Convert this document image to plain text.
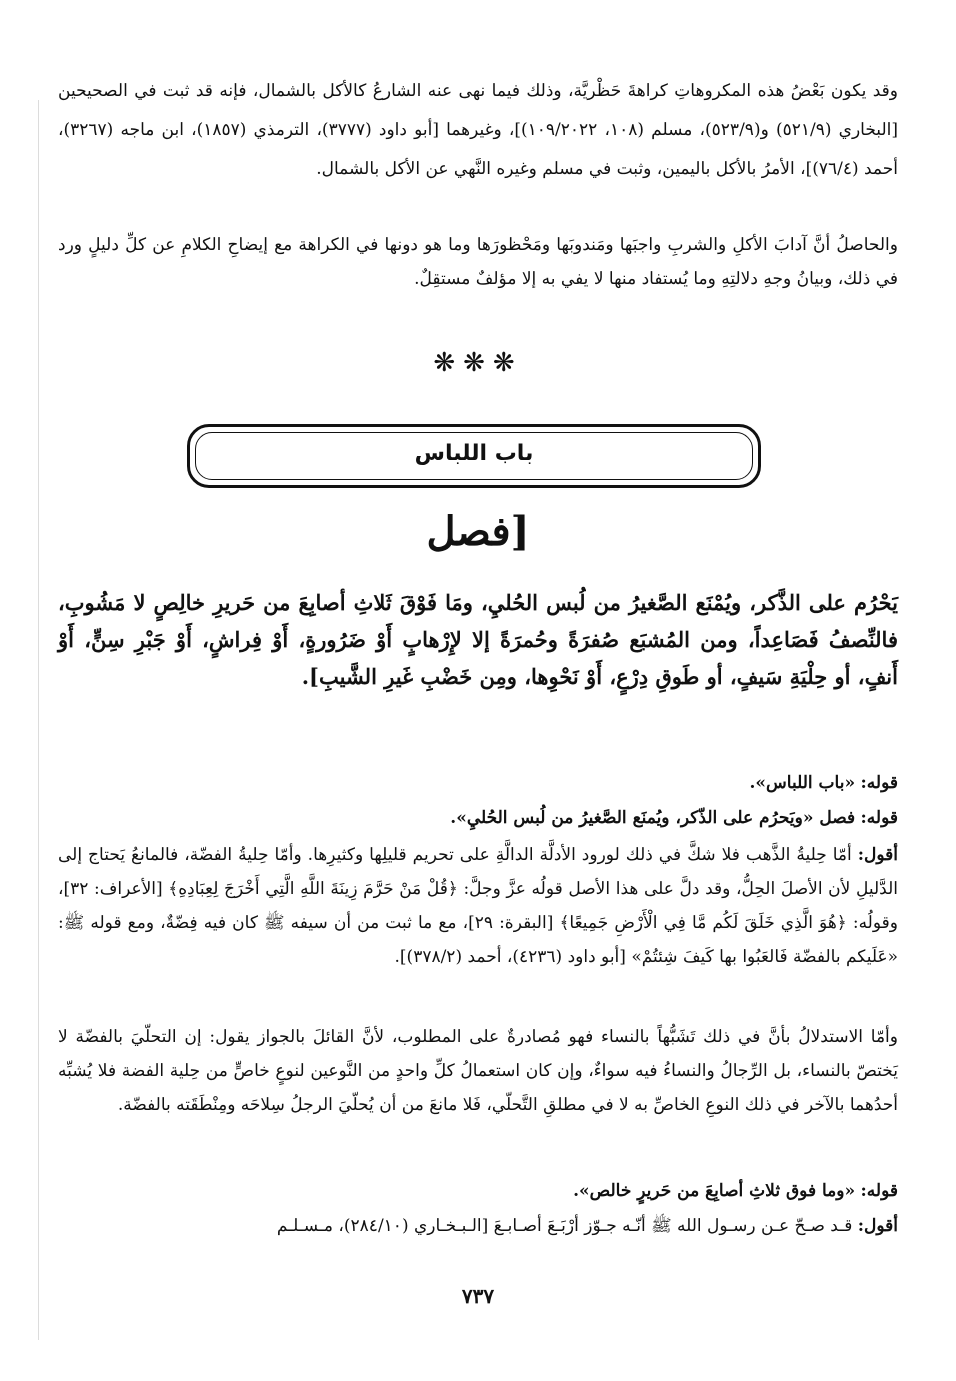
وقد يكون بَعْضُ هذه المكروهاتِ كراهةَ حَظْريَّة، وذلك فيما نهى عنه الشارعُ كالأكل بالشمال، فإنه قد ثبت في الصحيحين [البخاري (٥٢١/٩) و(٥٢٣/٩)، مسلم (١٠٨، ١٠٩/٢٠٢٢)]، وغيرهما [أبو داود (٣٧٧٧)، الترمذي (١٨٥٧)، ابن ماجه (٣٢٦٧)، أحمد (٧٦/٤)]، الأمرُ بالأكل باليمين، وثبت في مسلم وغيره النَّهي عن الأكل بالشمال.

والحاصلُ أنَّ آدابَ الأكلِ والشربِ واجبَها ومَندوبَها ومَحْظورَها وما هو دونها في الكراهة مع إيضاحِ الكلامِ عن كلِّ دليلٍ ورد في ذلك، وبيانُ وجهِ دلالتِهِ وما يُستفاد منها لا يفي به إلا مؤلفٌ مستقِلٌ.

❋❋❋
باب اللباس
[فصل

يَحْرُم على الذَّكر، ويُمْنَع الصَّغيرُ من لُبس الحُليِ، ومَا فَوْقَ ثَلاثِ أصابِعَ من حَريرِ خالِصٍ لا مَشُوبِ، فالنِّصفُ فَصَاعِداً، ومن المُشبَع صُفرَةً وحُمرَةً إلا لإِرْهابٍ أَوْ ضَرُورةٍ، أَوْ فِراشٍ، أَوْ جَبْرِ سِنٍّ، أَوْ أَنفٍ، أو حِلْيَةِ سَيفٍ، أو طَوقِ دِرْعٍ، أَوْ نَحْوِها، ومِن خَضْبِ غَيرِ الشَّيبِ].

قوله: «باب اللباس».

قوله: فصل «ويَحرُم على الذّكر، ويُمنَع الصَّغيرُ من لُبس الحُليِ».

أقول: أمّا حِليةُ الذَّهب فلا شكَّ في ذلك لورود الأدلَّة الدالَّةِ على تحريم قليلِها وكثيرِها. وأمّا حِليةُ الفضّة، فالمانعُ يَحتاج إلى الدَّليلِ لأن الأصلَ الحِلُّ، وقد دلَّ على هذا الأصل قولُه عزَّ وجلَّ: ﴿قُلْ مَنْ حَرَّمَ زِينَةَ اللَّهِ الَّتِي أَخْرَجَ لِعِبَادِهِ﴾ [الأعراف: ٣٢]، وقولُه: ﴿هُوَ الَّذِي خَلَقَ لَكُم مَّا فِي الْأَرْضِ جَمِيعًا﴾ [البقرة: ٢٩]، مع ما ثبت من أن سيفه ﷺ كان فيه فِضّةٌ، ومع قوله ﷺ: «عَلَيكم بالفضّة فَالعَبُوا بها كَيفَ شِئتُمْ» [أبو داود (٤٢٣٦)، أحمد (٣٧٨/٢)].

وأمّا الاستدلالُ بأنَّ في ذلك تَشَبُّهاً بالنساء فهو مُصادرةٌ على المطلوب، لأنَّ القائلَ بالجواز يقول: إن التحلّيَ بالفضّة لا يَختصّ بالنساء، بل الرِّجالُ والنساءُ فيه سواءٌ، وإن كان استعمالُ كلِّ واحدٍ من النَّوعين لنوعٍ خاصٍّ من حِلية الفضة فلا يُشبِّه أحدُهما بالآخر في ذلك النوعِ الخاصِّ به لا في مطلقِ التَّحلّي، فَلا مانعَ من أن يُحلّيَ الرجلُ سِلاحَه ومِنْطَقَته بالفضّة.

قوله: «وما فوق ثلاثِ أصابِعَ من حَريرٍ خالص».

أقول: قـد صـحّ عـن رسـول الله ﷺ أنّـه جـوّز أرْبَـعَ أصـابـعَ [الـبـخـاري (٢٨٤/١٠)، مـسـلـم

٧٣٧
